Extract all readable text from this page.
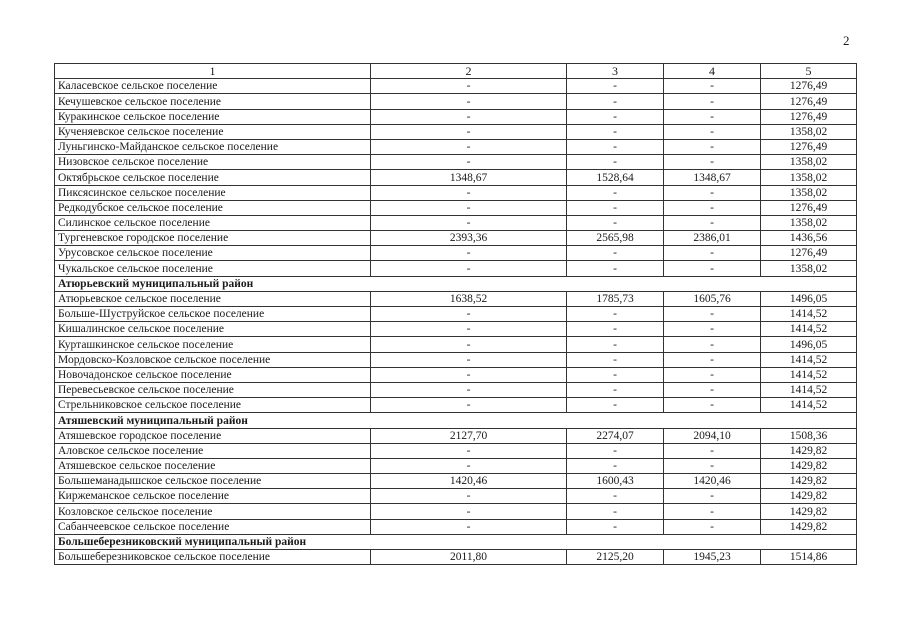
2
1	2	3	4	5
Каласевское сельское поселение	-	-	-	1276,49
Кечушевское сельское поселение	-	-	-	1276,49
Куракинское сельское поселение	-	-	-	1276,49
Кученяевское сельское поселение	-	-	-	1358,02
Луньгинско-Майданское сельское поселение	-	-	-	1276,49
Низовское сельское поселение	-	-	-	1358,02
Октябрьское сельское поселение	1348,67	1528,64	1348,67	1358,02
Пиксясинское сельское поселение	-	-	-	1358,02
Редкодубское сельское поселение	-	-	-	1276,49
Силинское сельское поселение	-	-	-	1358,02
Тургеневское городское поселение	2393,36	2565,98	2386,01	1436,56
Урусовское сельское поселение	-	-	-	1276,49
Чукальское сельское поселение	-	-	-	1358,02
Атюрьевский муниципальный район				
Атюрьевское сельское поселение	1638,52	1785,73	1605,76	1496,05
Больше-Шуструйское сельское поселение	-	-	-	1414,52
Кишалинское сельское поселение	-	-	-	1414,52
Курташкинское сельское поселение	-	-	-	1496,05
Мордовско-Козловское сельское поселение	-	-	-	1414,52
Новочадонское сельское поселение	-	-	-	1414,52
Перевесьевское сельское поселение	-	-	-	1414,52
Стрельниковское сельское поселение	-	-	-	1414,52
Атяшевский муниципальный район				
Атяшевское городское поселение	2127,70	2274,07	2094,10	1508,36
Аловское сельское поселение	-	-	-	1429,82
Атяшевское сельское поселение	-	-	-	1429,82
Большеманадышское сельское поселение	1420,46	1600,43	1420,46	1429,82
Киржеманское сельское поселение	-	-	-	1429,82
Козловское сельское поселение	-	-	-	1429,82
Сабанчеевское сельское поселение	-	-	-	1429,82
Большеберезниковский муниципальный район				
Большеберезниковское сельское поселение	2011,80	2125,20	1945,23	1514,86
